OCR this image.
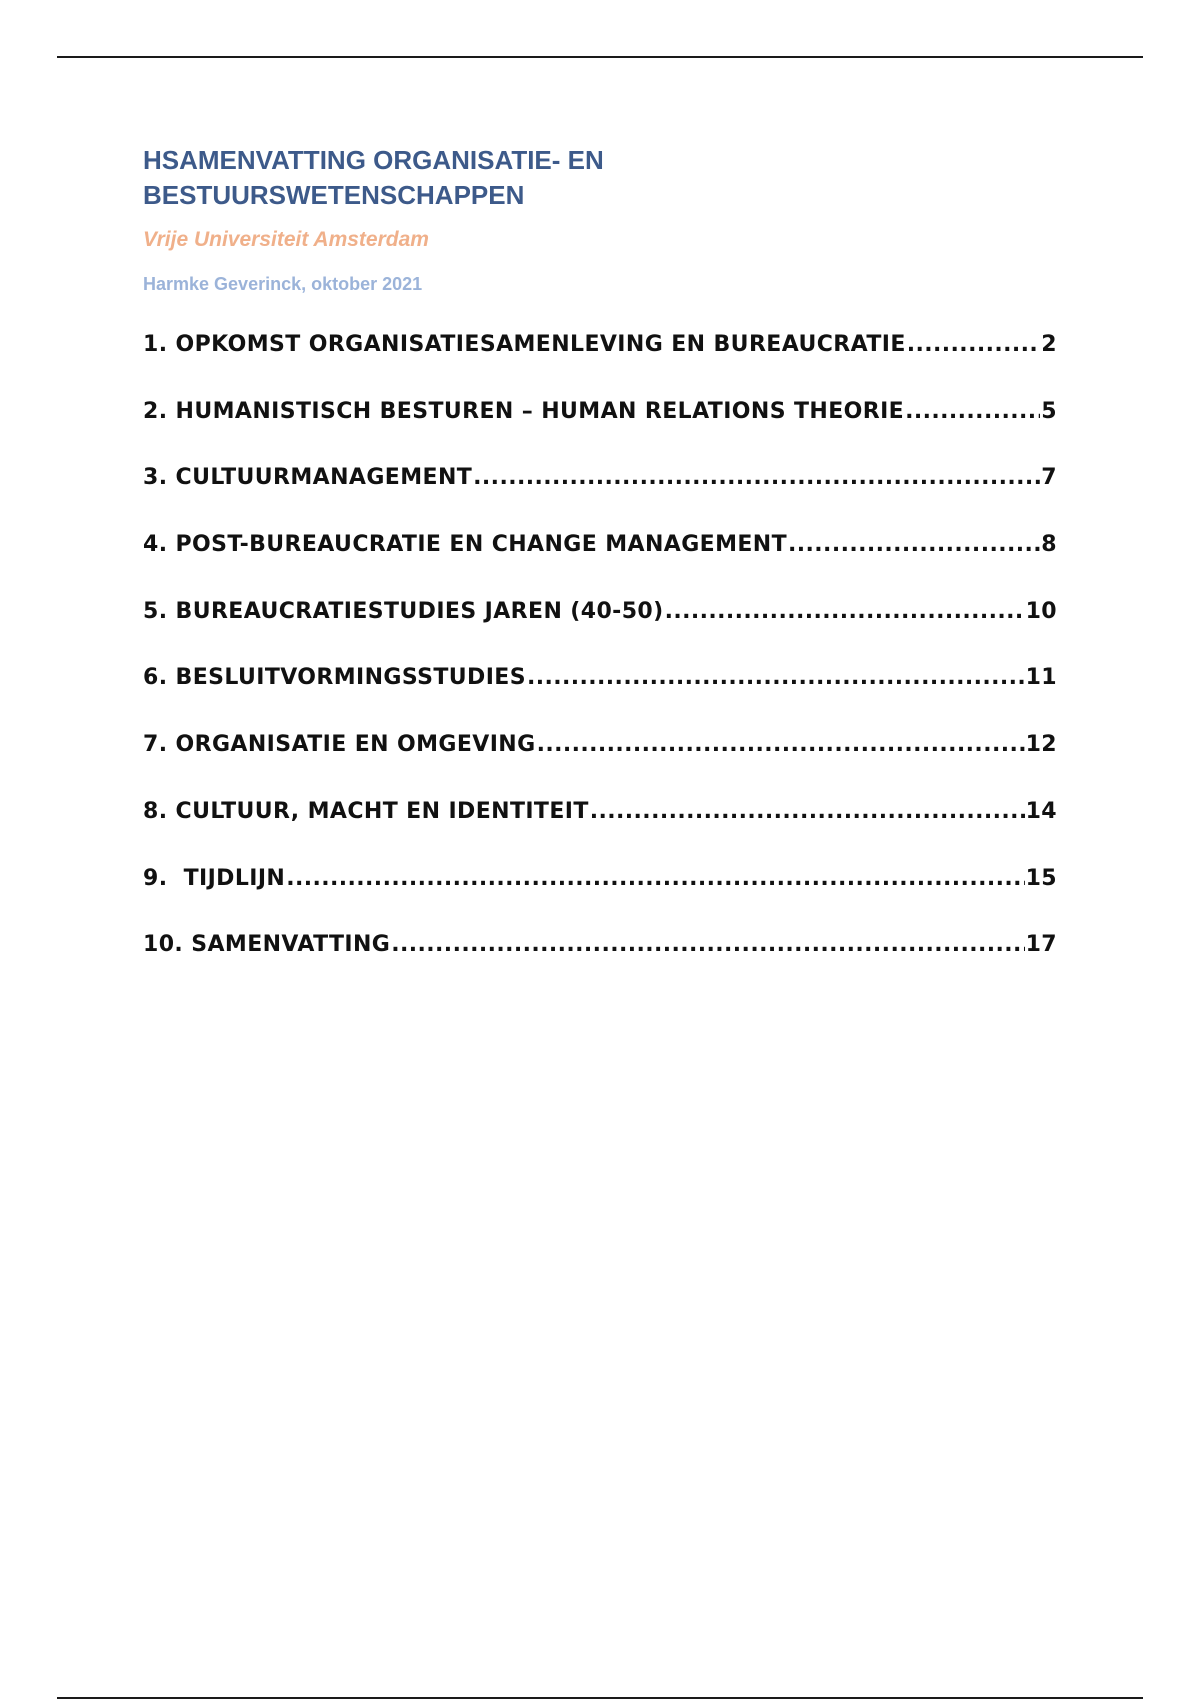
HSAMENVATTING ORGANISATIE- EN
BESTUURSWETENSCHAPPEN

Vrije Universiteit Amsterdam

Harmke Geverinck, oktober 2021

1. OPKOMST ORGANISATIESAMENLEVING EN BUREAUCRATIE .....	2
2. HUMANISTISCH BESTUREN – HUMAN RELATIONS THEORIE .....	5
3. CULTUURMANAGEMENT .....	7
4. POST-BUREAUCRATIE EN CHANGE MANAGEMENT .....	8
5. BUREAUCRATIESTUDIES JAREN (40-50) .....	10
6. BESLUITVORMINGSSTUDIES .....	11
7. ORGANISATIE EN OMGEVING .....	12
8. CULTUUR, MACHT EN IDENTITEIT .....	14
9.  TIJDLIJN .....	15
10. SAMENVATTING .....	17
